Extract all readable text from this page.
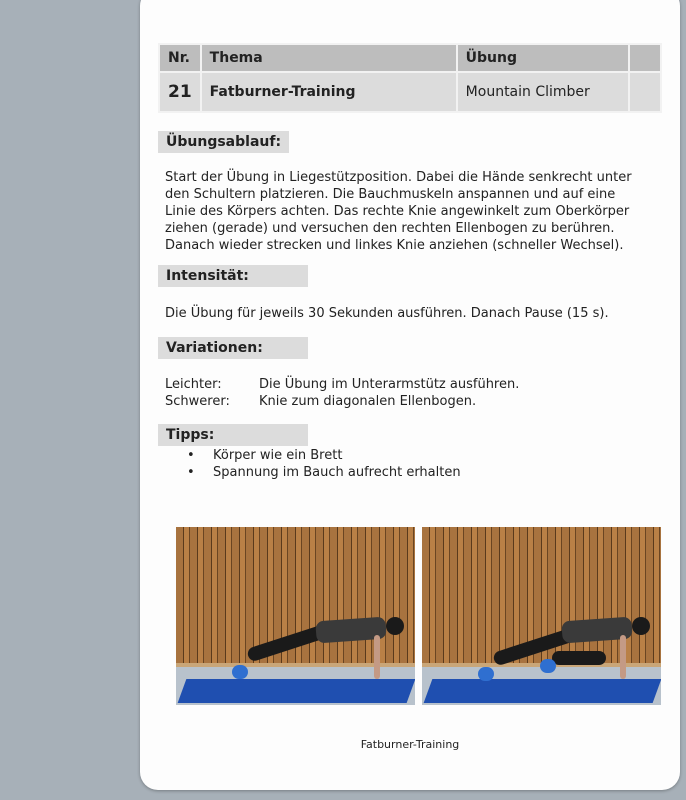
Nr.	Thema	Übung	
21	Fatburner-Training	Mountain Climber	
Übungsablauf:
Start der Übung in Liegestützposition. Dabei die Hände senkrecht unter
den Schultern platzieren. Die Bauchmuskeln anspannen und auf eine
Linie des Körpers achten. Das rechte Knie angewinkelt zum Oberkörper
ziehen (gerade) und versuchen den rechten Ellenbogen zu berühren.
Danach wieder strecken und linkes Knie anziehen (schneller Wechsel).
Intensität:
Die Übung für jeweils 30 Sekunden ausführen. Danach Pause (15 s).
Variationen:
Leichter:	Die Übung im Unterarmstütz ausführen.
Schwerer: Knie zum diagonalen Ellenbogen.
Tipps:
• Körper wie ein Brett
• Spannung im Bauch aufrecht erhalten
Fatburner-Training
